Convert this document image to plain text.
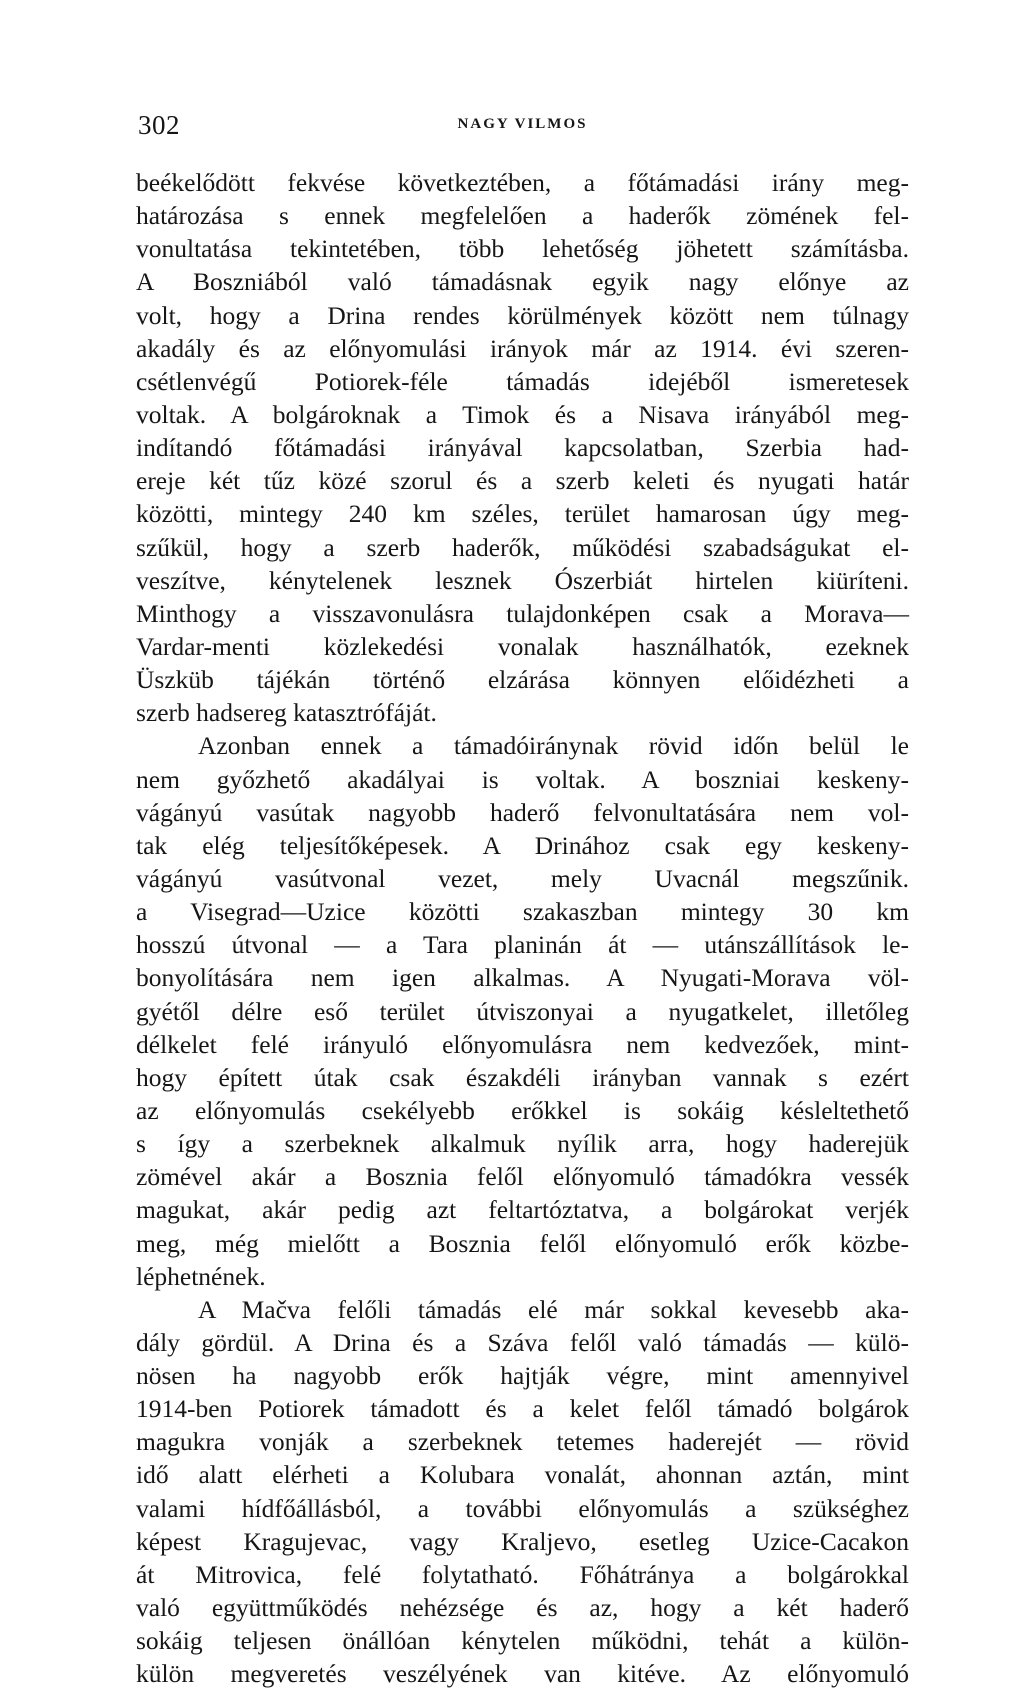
302	NAGY VILMOS
beékelődött fekvése következtében, a főtámadási irány meg-
határozása s ennek megfelelően a haderők zömének fel-
vonultatása tekintetében, több lehetőség jöhetett számításba.
A Boszniából való támadásnak egyik nagy előnye az
volt, hogy a Drina rendes körülmények között nem túlnagy
akadály és az előnyomulási irányok már az 1914. évi szeren-
csétlenvégű Potiorek-féle támadás idejéből ismeretesek
voltak. A bolgároknak a Timok és a Nisava irányából meg-
indítandó főtámadási irányával kapcsolatban, Szerbia had-
ereje két tűz közé szorul és a szerb keleti és nyugati határ
közötti, mintegy 240 km széles, terület hamarosan úgy meg-
szűkül, hogy a szerb haderők, működési szabadságukat el-
veszítve, kénytelenek lesznek Ószerbiát hirtelen kiüríteni.
Minthogy a visszavonulásra tulajdonképen csak a Morava—
Vardar-menti közlekedési vonalak használhatók, ezeknek
Üszküb tájékán történő elzárása könnyen előidézheti a
szerb hadsereg katasztrófáját.
Azonban ennek a támadóiránynak rövid időn belül le
nem győzhető akadályai is voltak. A boszniai keskeny-
vágányú vasútak nagyobb haderő felvonultatására nem vol-
tak elég teljesítőképesek. A Drinához csak egy keskeny-
vágányú vasútvonal vezet, mely Uvacnál megszűnik.
a Visegrad—Uzice közötti szakaszban mintegy 30 km
hosszú útvonal — a Tara planinán át — utánszállítások le-
bonyolítására nem igen alkalmas. A Nyugati-Morava völ-
gyétől délre eső terület útviszonyai a nyugatkelet, illetőleg
délkelet felé irányuló előnyomulásra nem kedvezőek, mint-
hogy épített útak csak északdéli irányban vannak s ezért
az előnyomulás csekélyebb erőkkel is sokáig késleltethető
s így a szerbeknek alkalmuk nyílik arra, hogy haderejük
zömével akár a Bosznia felől előnyomuló támadókra vessék
magukat, akár pedig azt feltartóztatva, a bolgárokat verjék
meg, még mielőtt a Bosznia felől előnyomuló erők közbe-
léphetnének.
A Mačva felőli támadás elé már sokkal kevesebb aka-
dály gördül. A Drina és a Száva felől való támadás — külö-
nösen ha nagyobb erők hajtják végre, mint amennyivel
1914-ben Potiorek támadott és a kelet felől támadó bolgárok
magukra vonják a szerbeknek tetemes haderejét — rövid
idő alatt elérheti a Kolubara vonalát, ahonnan aztán, mint
valami hídfőállásból, a további előnyomulás a szükséghez
képest Kragujevac, vagy Kraljevo, esetleg Uzice-Cacakon
át Mitrovica, felé folytatható. Főhátránya a bolgárokkal
való együttműködés nehézsége és az, hogy a két haderő
sokáig teljesen önállóan kénytelen működni, tehát a külön-
külön megveretés veszélyének van kitéve. Az előnyomuló
